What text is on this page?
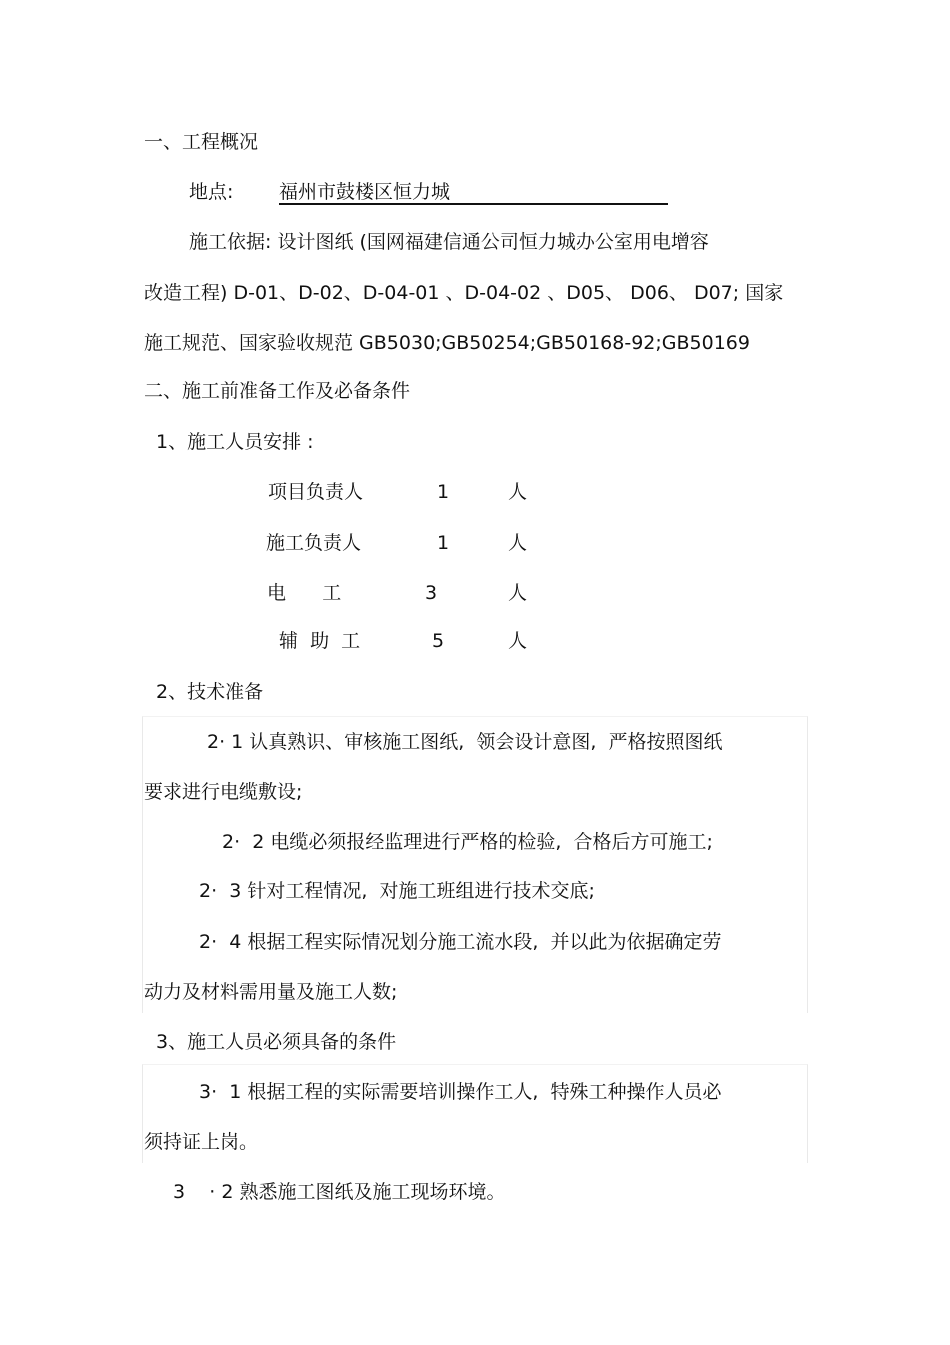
一、工程概况
地点: 福州市鼓楼区恒力城
施工依据: 设计图纸 (国网福建信通公司恒力城办公室用电增容
改造工程) D-01、D-02、D-04-01 、D-04-02 、D05、 D06、 D07; 国家
施工规范、国家验收规范 GB5030;GB50254;GB50168-92;GB50169
二、施工前准备工作及必备条件
1、施工人员安排 :
项目负责人	1	人
施工负责人	1	人
电      工	3	人
辅  助  工	5	人
2、技术准备
2· 1 认真熟识、审核施工图纸,  领会设计意图,  严格按照图纸
要求进行电缆敷设;
2·  2 电缆必须报经监理进行严格的检验,  合格后方可施工;
2·  3 针对工程情况,  对施工班组进行技术交底;
2·  4 根据工程实际情况划分施工流水段,  并以此为依据确定劳
动力及材料需用量及施工人数;
3、施工人员必须具备的条件
3·  1 根据工程的实际需要培训操作工人,  特殊工种操作人员必
须持证上岗。
3    · 2 熟悉施工图纸及施工现场环境。
